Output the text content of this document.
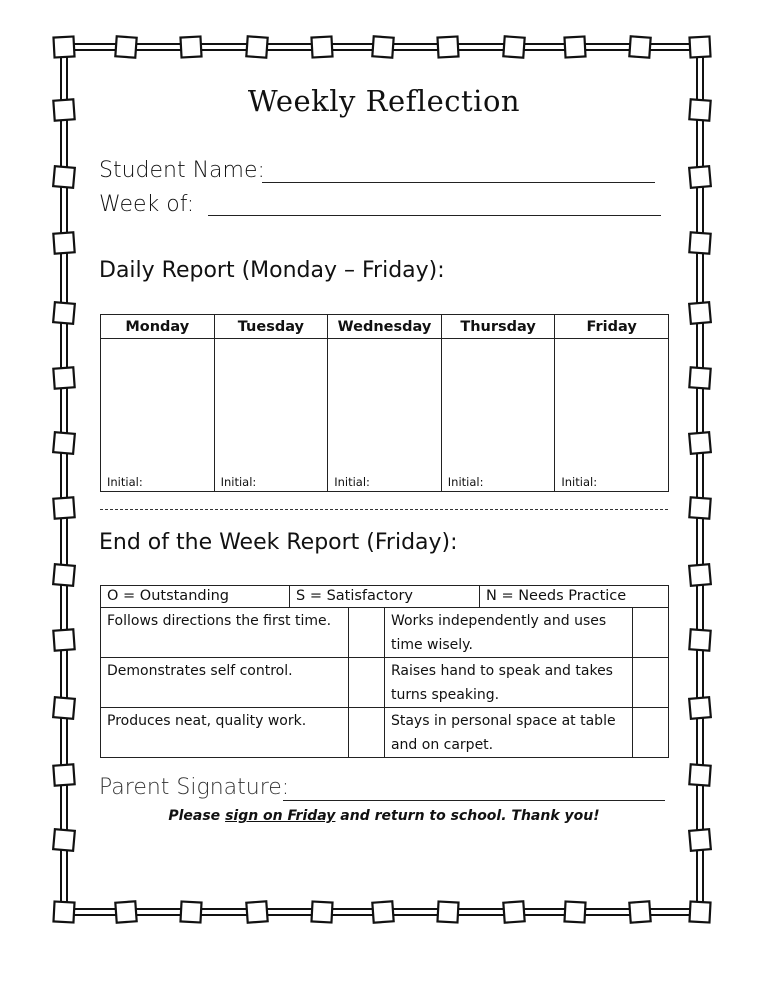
Weekly Reflection
Student Name:
Week of:
Daily Report (Monday – Friday):
Monday	Tuesday	Wednesday	Thursday	Friday

Initial:	Initial:	Initial:	Initial:	Initial:
End of the Week Report (Friday):
O = Outstanding	S = Satisfactory	N = Needs Practice
Follows directions the first time.		Works independently and uses time wisely.	
Demonstrates self control.		Raises hand to speak and takes turns speaking.	
Produces neat, quality work.		Stays in personal space at table and on carpet.	
Parent Signature:
Please sign on Friday and return to school. Thank you!
